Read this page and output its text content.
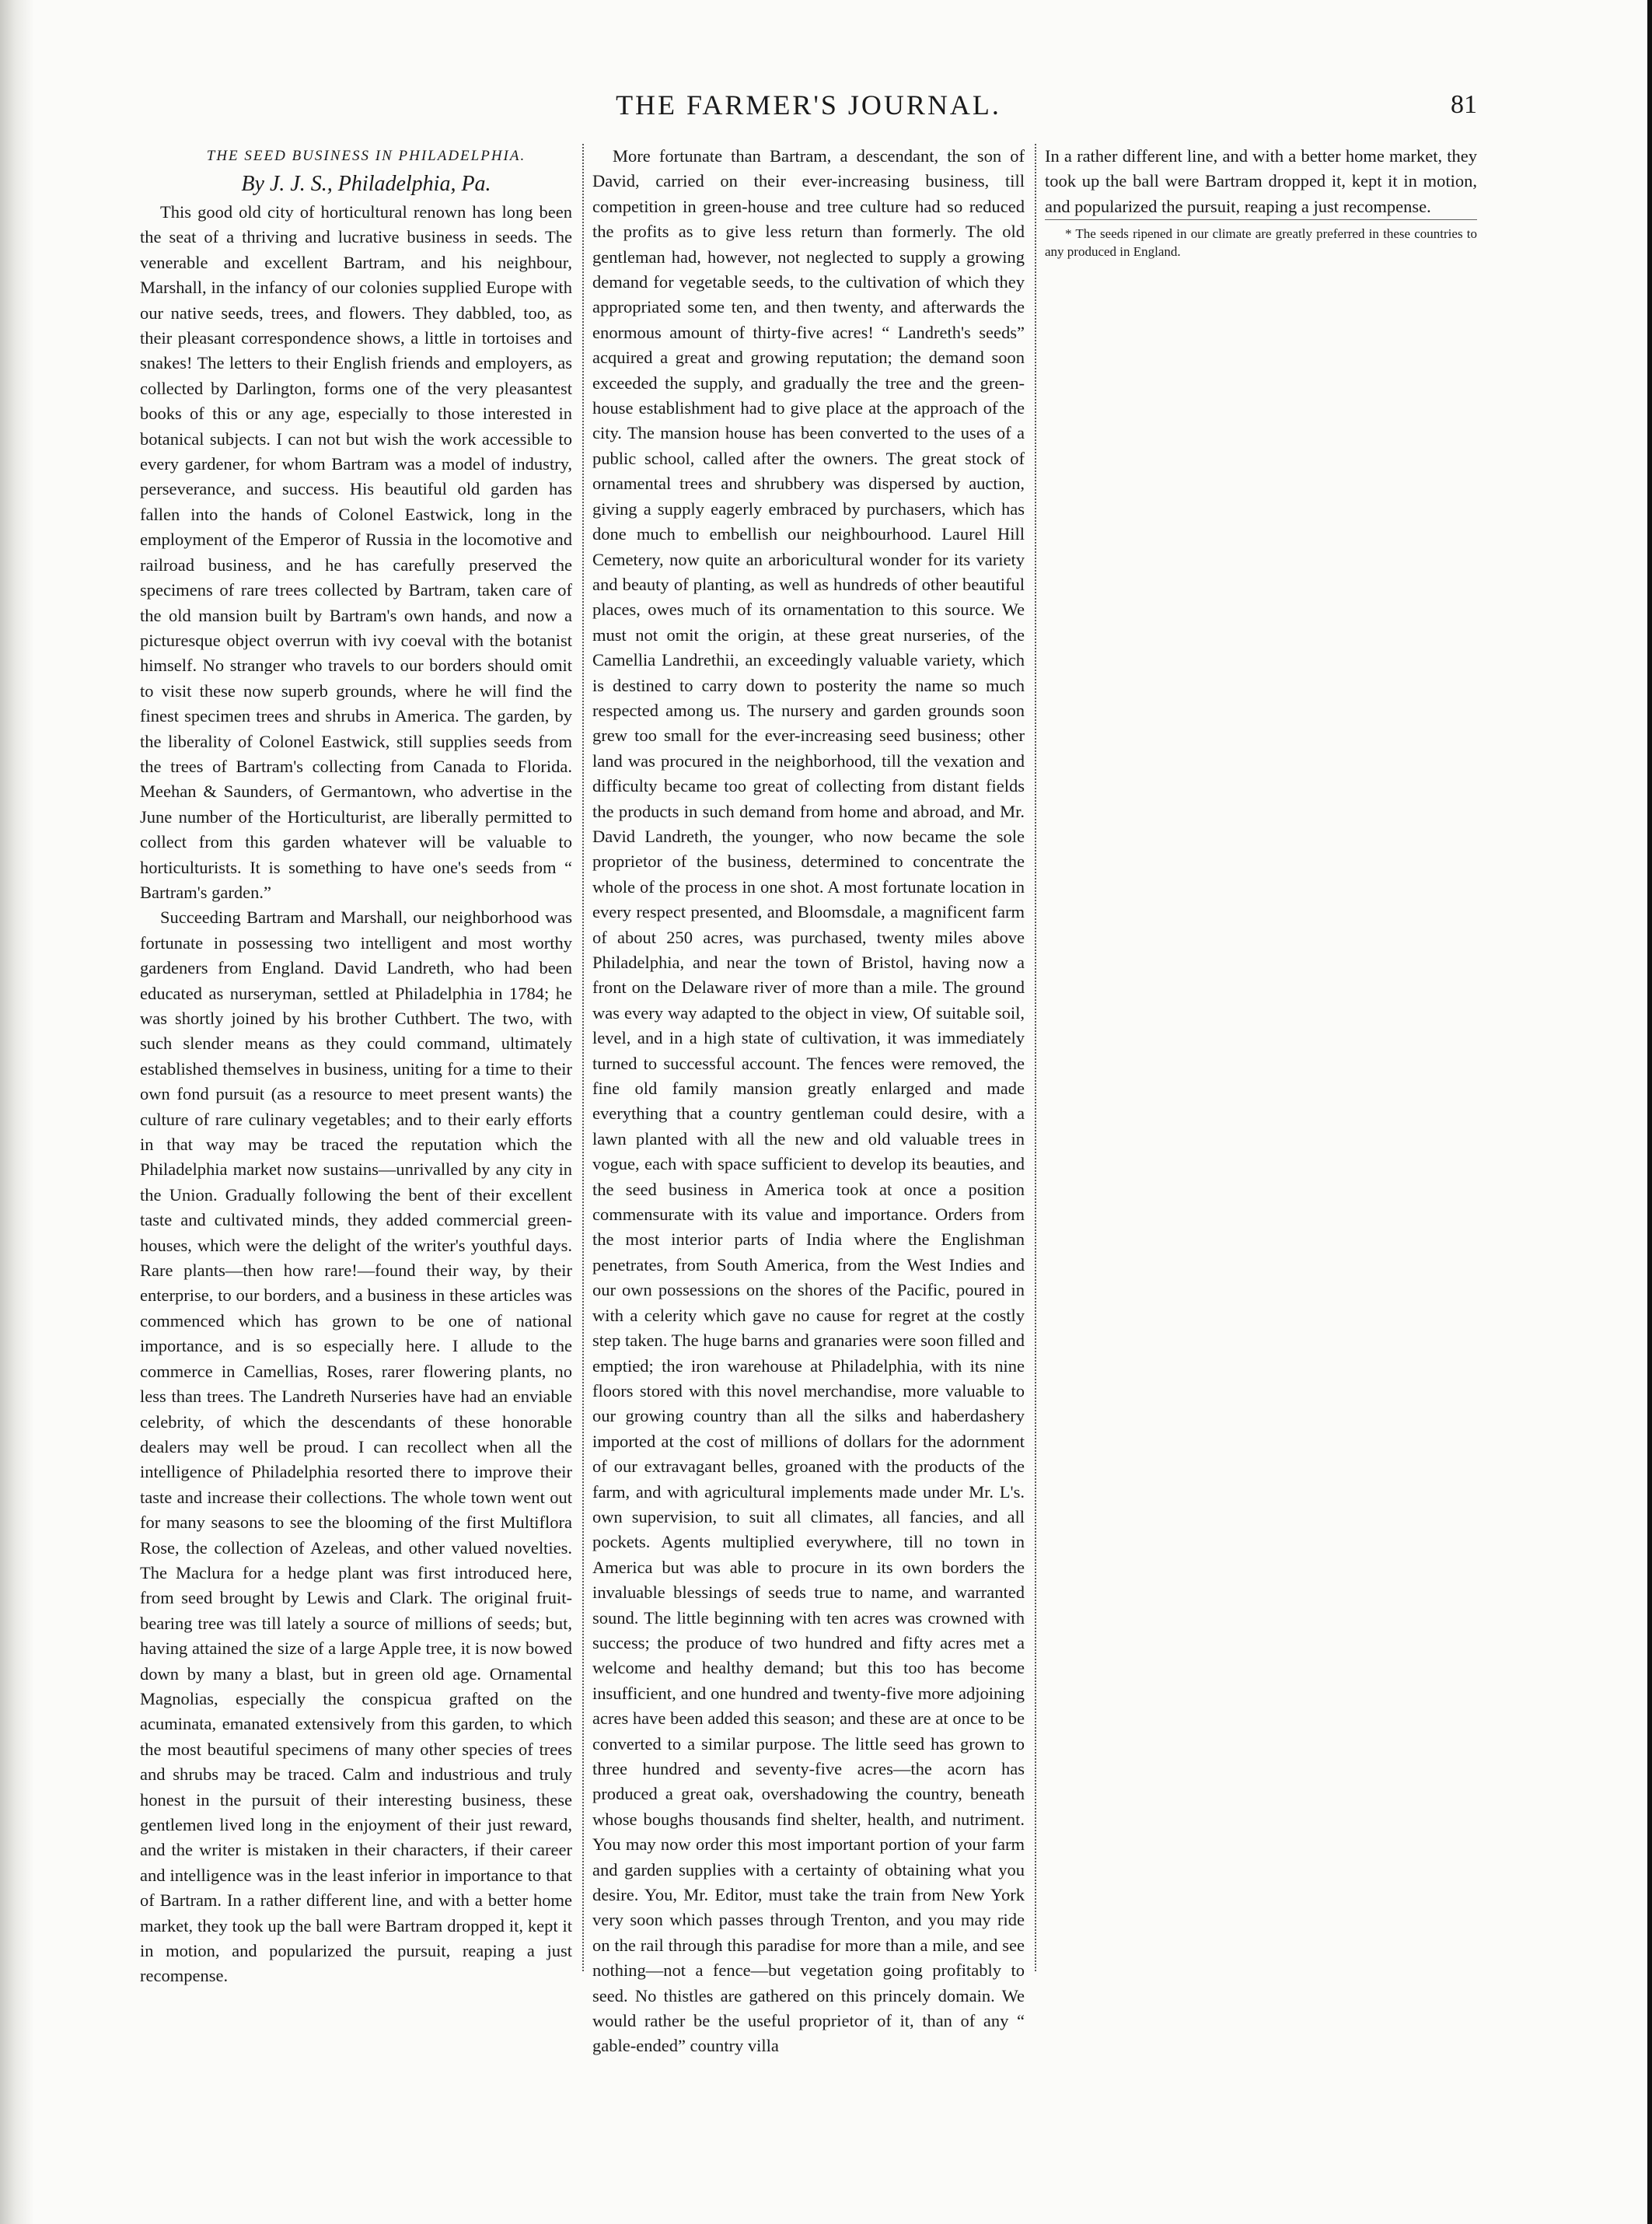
THE FARMER'S JOURNAL.	81

THE SEED BUSINESS IN PHILADELPHIA.

By J. J. S., Philadelphia, Pa.

This good old city of horticultural renown has long been the seat of a thriving and lucrative business in seeds. The venerable and excellent Bartram, and his neighbour, Marshall, in the infancy of our colonies supplied Europe with our native seeds, trees, and flowers. They dabbled, too, as their pleasant correspondence shows, a little in tortoises and snakes! The letters to their English friends and employers, as collected by Darlington, forms one of the very pleasantest books of this or any age, especially to those interested in botanical subjects. I can not but wish the work accessible to every gardener, for whom Bartram was a model of industry, perseverance, and success. His beautiful old garden has fallen into the hands of Colonel Eastwick, long in the employment of the Emperor of Russia in the locomotive and railroad business, and he has carefully preserved the specimens of rare trees collected by Bartram, taken care of the old mansion built by Bartram's own hands, and now a picturesque object overrun with ivy coeval with the botanist himself. No stranger who travels to our borders should omit to visit these now superb grounds, where he will find the finest specimen trees and shrubs in America. The garden, by the liberality of Colonel Eastwick, still supplies seeds from the trees of Bartram's collecting from Canada to Florida. Meehan & Saunders, of Germantown, who advertise in the June number of the Horticulturist, are liberally permitted to collect from this garden whatever will be valuable to horticulturists. It is something to have one's seeds from “ Bartram's garden.”

Succeeding Bartram and Marshall, our neighborhood was fortunate in possessing two intelligent and most worthy gardeners from England. David Landreth, who had been educated as nurseryman, settled at Philadelphia in 1784; he was shortly joined by his brother Cuthbert. The two, with such slender means as they could command, ultimately established themselves in business, uniting for a time to their own fond pursuit (as a resource to meet present wants) the culture of rare culinary vegetables; and to their early efforts in that way may be traced the reputation which the Philadelphia market now sustains—unrivalled by any city in the Union. Gradually following the bent of their excellent taste and cultivated minds, they added commercial green-houses, which were the delight of the writer's youthful days. Rare plants—then how rare!—found their way, by their enterprise, to our borders, and a business in these articles was commenced which has grown to be one of national importance, and is so especially here. I allude to the commerce in Camellias, Roses, rarer flowering plants, no less than trees. The Landreth Nurseries have had an enviable celebrity, of which the descendants of these honorable dealers may well be proud. I can recollect when all the intelligence of Philadelphia resorted there to improve their taste and increase their collections. The whole town went out for many seasons to see the blooming of the first Multiflora Rose, the collection of Azeleas, and other valued novelties. The Maclura for a hedge plant was first introduced here, from seed brought by Lewis and Clark. The original fruit-bearing tree was till lately a source of millions of seeds; but, having attained the size of a large Apple tree, it is now bowed down by many a blast, but in green old age. Ornamental Magnolias, especially the conspicua grafted on the acuminata, emanated extensively from this garden, to which the most beautiful specimens of many other species of trees and shrubs may be traced. Calm and industrious and truly honest in the pursuit of their interesting business, these gentlemen lived long in the enjoyment of their just reward, and the writer is mistaken in their characters, if their career and intelligence was in the least inferior in importance to that of Bartram. In a rather different line, and with a better home market, they took up the ball were Bartram dropped it, kept it in motion, and popularized the pursuit, reaping a just recompense.

More fortunate than Bartram, a descendant, the son of David, carried on their ever-increasing business, till competition in green-house and tree culture had so reduced the profits as to give less return than formerly. The old gentleman had, however, not neglected to supply a growing demand for vegetable seeds, to the cultivation of which they appropriated some ten, and then twenty, and afterwards the enormous amount of thirty-five acres! “ Landreth's seeds” acquired a great and growing reputation; the demand soon exceeded the supply, and gradually the tree and the green-house establishment had to give place at the approach of the city. The mansion house has been converted to the uses of a public school, called after the owners. The great stock of ornamental trees and shrubbery was dispersed by auction, giving a supply eagerly embraced by purchasers, which has done much to embellish our neighbourhood. Laurel Hill Cemetery, now quite an arboricultural wonder for its variety and beauty of planting, as well as hundreds of other beautiful places, owes much of its ornamentation to this source. We must not omit the origin, at these great nurseries, of the Camellia Landrethii, an exceedingly valuable variety, which is destined to carry down to posterity the name so much respected among us. The nursery and garden grounds soon grew too small for the ever-increasing seed business; other land was procured in the neighborhood, till the vexation and difficulty became too great of collecting from distant fields the products in such demand from home and abroad, and Mr. David Landreth, the younger, who now became the sole proprietor of the business, determined to concentrate the whole of the process in one shot. A most fortunate location in every respect presented, and Bloomsdale, a magnificent farm of about 250 acres, was purchased, twenty miles above Philadelphia, and near the town of Bristol, having now a front on the Delaware river of more than a mile. The ground was every way adapted to the object in view, Of suitable soil, level, and in a high state of cultivation, it was immediately turned to successful account. The fences were removed, the fine old family mansion greatly enlarged and made everything that a country gentleman could desire, with a lawn planted with all the new and old valuable trees in vogue, each with space sufficient to develop its beauties, and the seed business in America took at once a position commensurate with its value and importance. Orders from the most interior parts of India where the Englishman penetrates, from South America, from the West Indies and our own possessions on the shores of the Pacific, poured in with a celerity which gave no cause for regret at the costly step taken. The huge barns and granaries were soon filled and emptied; the iron warehouse at Philadelphia, with its nine floors stored with this novel merchandise, more valuable to our growing country than all the silks and haberdashery imported at the cost of millions of dollars for the adornment of our extravagant belles, groaned with the products of the farm, and with agricultural implements made under Mr. L's. own supervision, to suit all climates, all fancies, and all pockets. Agents multiplied everywhere, till no town in America but was able to procure in its own borders the invaluable blessings of seeds true to name, and warranted sound. The little beginning with ten acres was crowned with success; the produce of two hundred and fifty acres met a welcome and healthy demand; but this too has become insufficient, and one hundred and twenty-five more adjoining acres have been added this season; and these are at once to be converted to a similar purpose. The little seed has grown to three hundred and seventy-five acres—the acorn has produced a great oak, overshadowing the country, beneath whose boughs thousands find shelter, health, and nutriment. You may now order this most important portion of your farm and garden supplies with a certainty of obtaining what you desire. You, Mr. Editor, must take the train from New York very soon which passes through Trenton, and you may ride on the rail through this paradise for more than a mile, and see nothing—not a fence—but vegetation going profitably to seed. No thistles are gathered on this princely domain. We would rather be the useful proprietor of it, than of any “ gable-ended” country villa

In a rather different line, and with a better home market, they took up the ball were Bartram dropped it, kept it in motion, and popularized the pursuit, reaping a just recompense.

* The seeds ripened in our climate are greatly preferred in these countries to any produced in England.
